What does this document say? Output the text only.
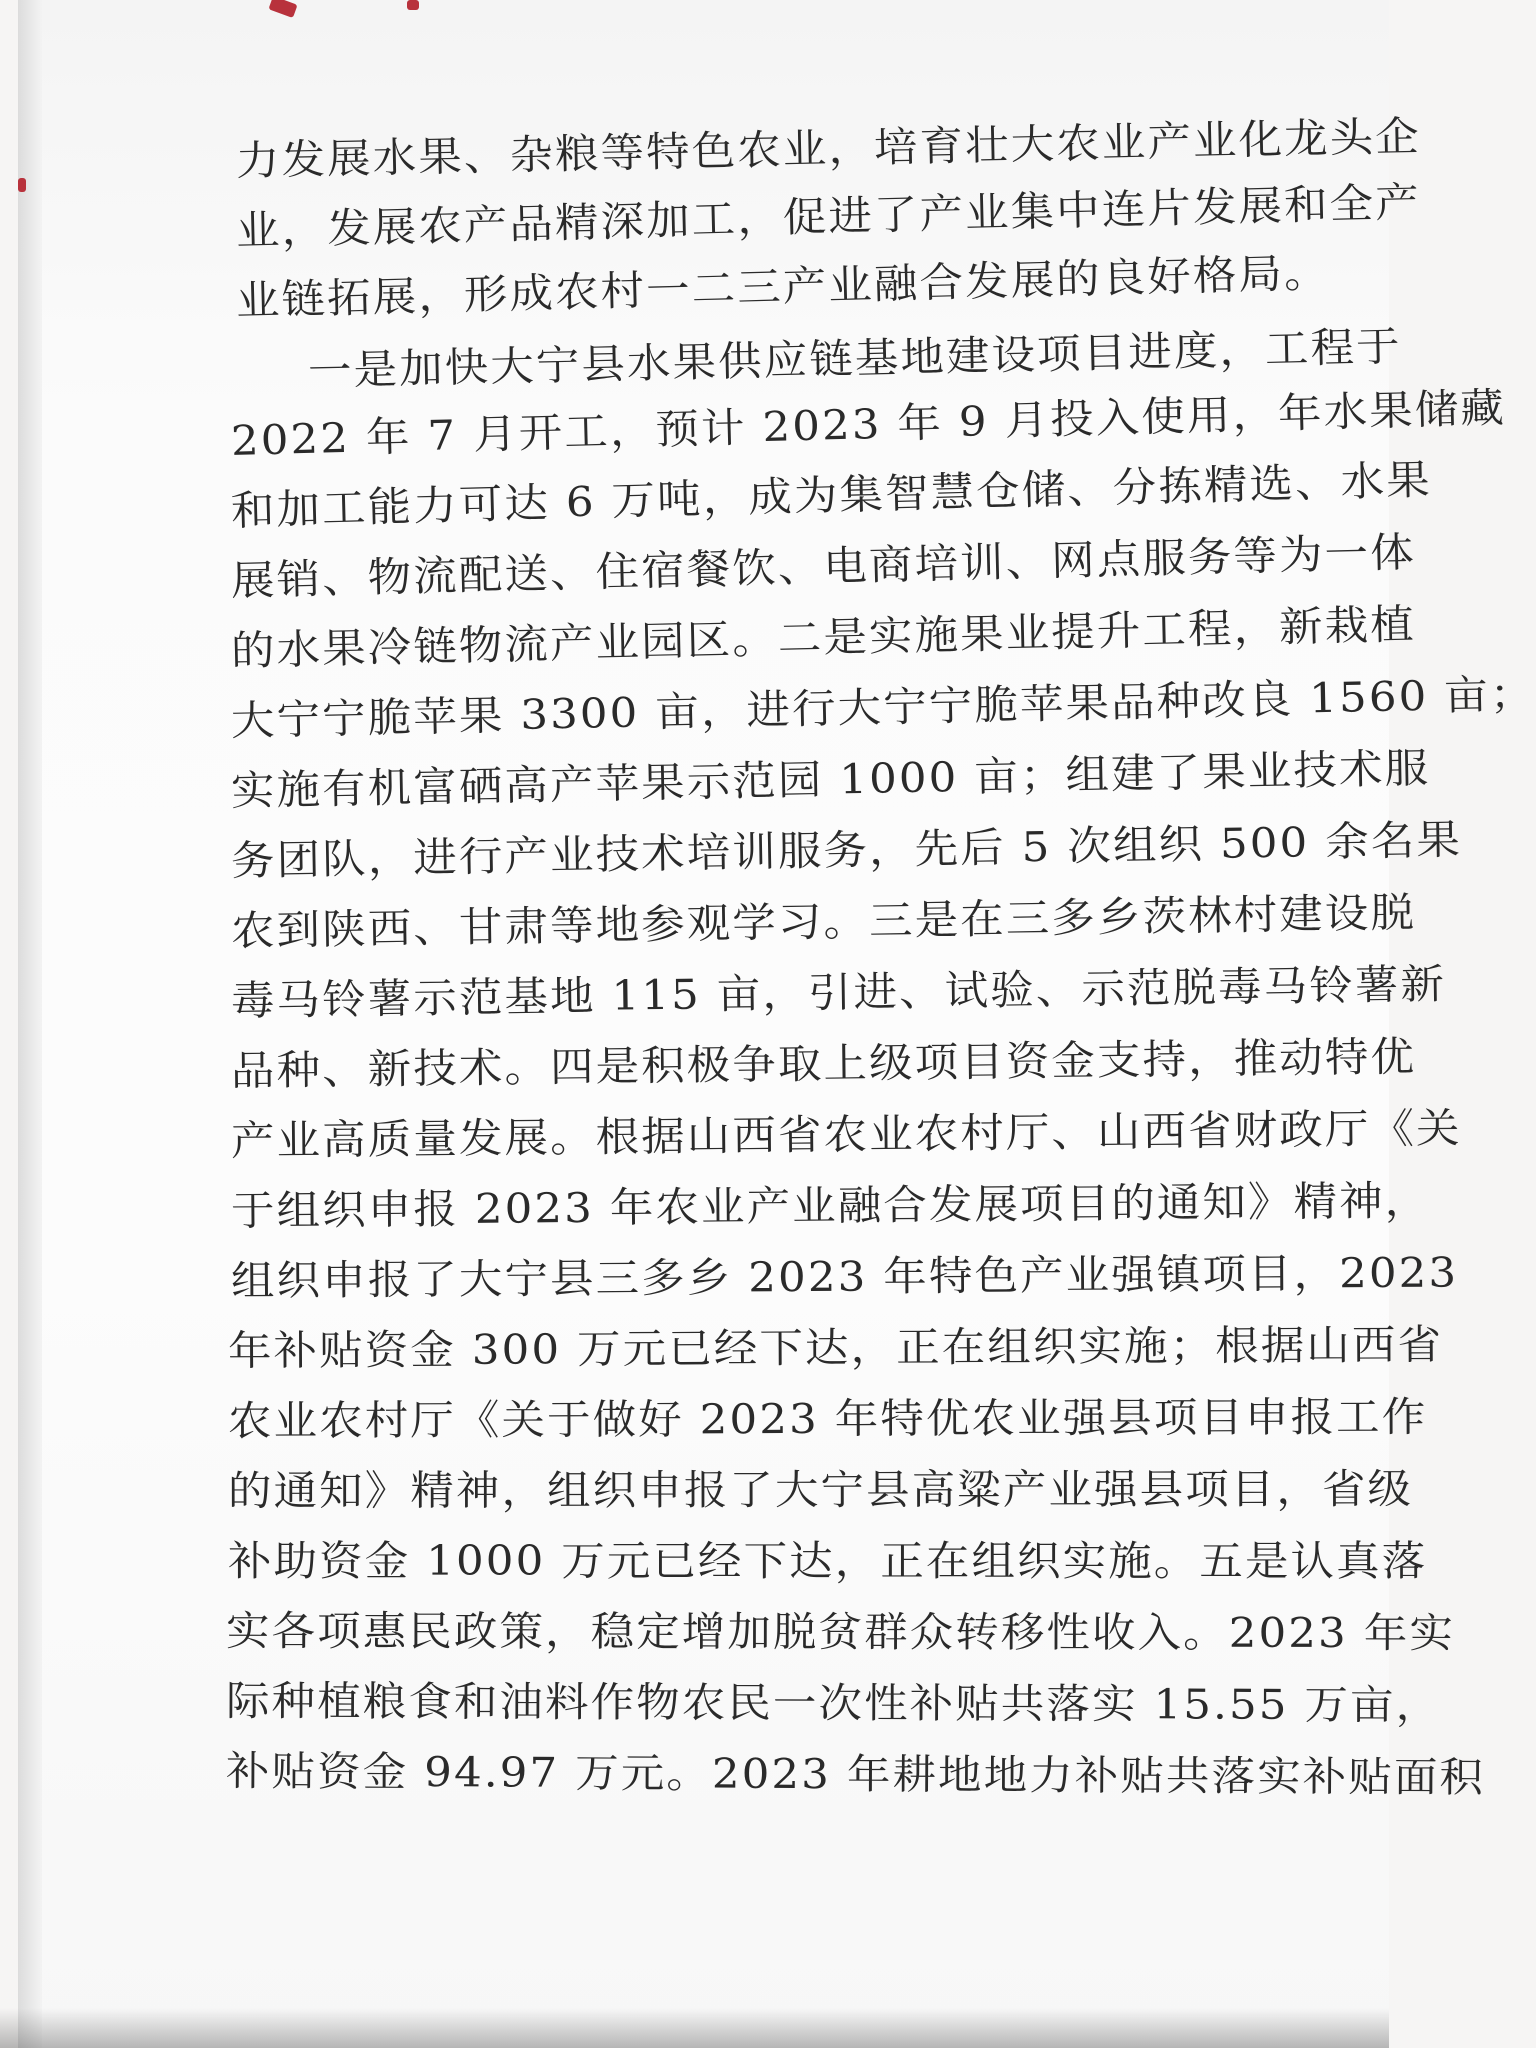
力发展水果、杂粮等特色农业，培育壮大农业产业化龙头企
业，发展农产品精深加工，促进了产业集中连片发展和全产
业链拓展，形成农村一二三产业融合发展的良好格局。
一是加快大宁县水果供应链基地建设项目进度，工程于
2022 年 7 月开工，预计 2023 年 9 月投入使用，年水果储藏
和加工能力可达 6 万吨，成为集智慧仓储、分拣精选、水果
展销、物流配送、住宿餐饮、电商培训、网点服务等为一体
的水果冷链物流产业园区。二是实施果业提升工程，新栽植
大宁宁脆苹果 3300 亩，进行大宁宁脆苹果品种改良 1560 亩；
实施有机富硒高产苹果示范园 1000 亩；组建了果业技术服
务团队，进行产业技术培训服务，先后 5 次组织 500 余名果
农到陕西、甘肃等地参观学习。三是在三多乡茨林村建设脱
毒马铃薯示范基地 115 亩，引进、试验、示范脱毒马铃薯新
品种、新技术。四是积极争取上级项目资金支持，推动特优
产业高质量发展。根据山西省农业农村厅、山西省财政厅《关
于组织申报 2023 年农业产业融合发展项目的通知》精神，
组织申报了大宁县三多乡 2023 年特色产业强镇项目，2023
年补贴资金 300 万元已经下达，正在组织实施；根据山西省
农业农村厅《关于做好 2023 年特优农业强县项目申报工作
的通知》精神，组织申报了大宁县高粱产业强县项目，省级
补助资金 1000 万元已经下达，正在组织实施。五是认真落
实各项惠民政策，稳定增加脱贫群众转移性收入。2023 年实
际种植粮食和油料作物农民一次性补贴共落实 15.55 万亩，
补贴资金 94.97 万元。2023 年耕地地力补贴共落实补贴面积
